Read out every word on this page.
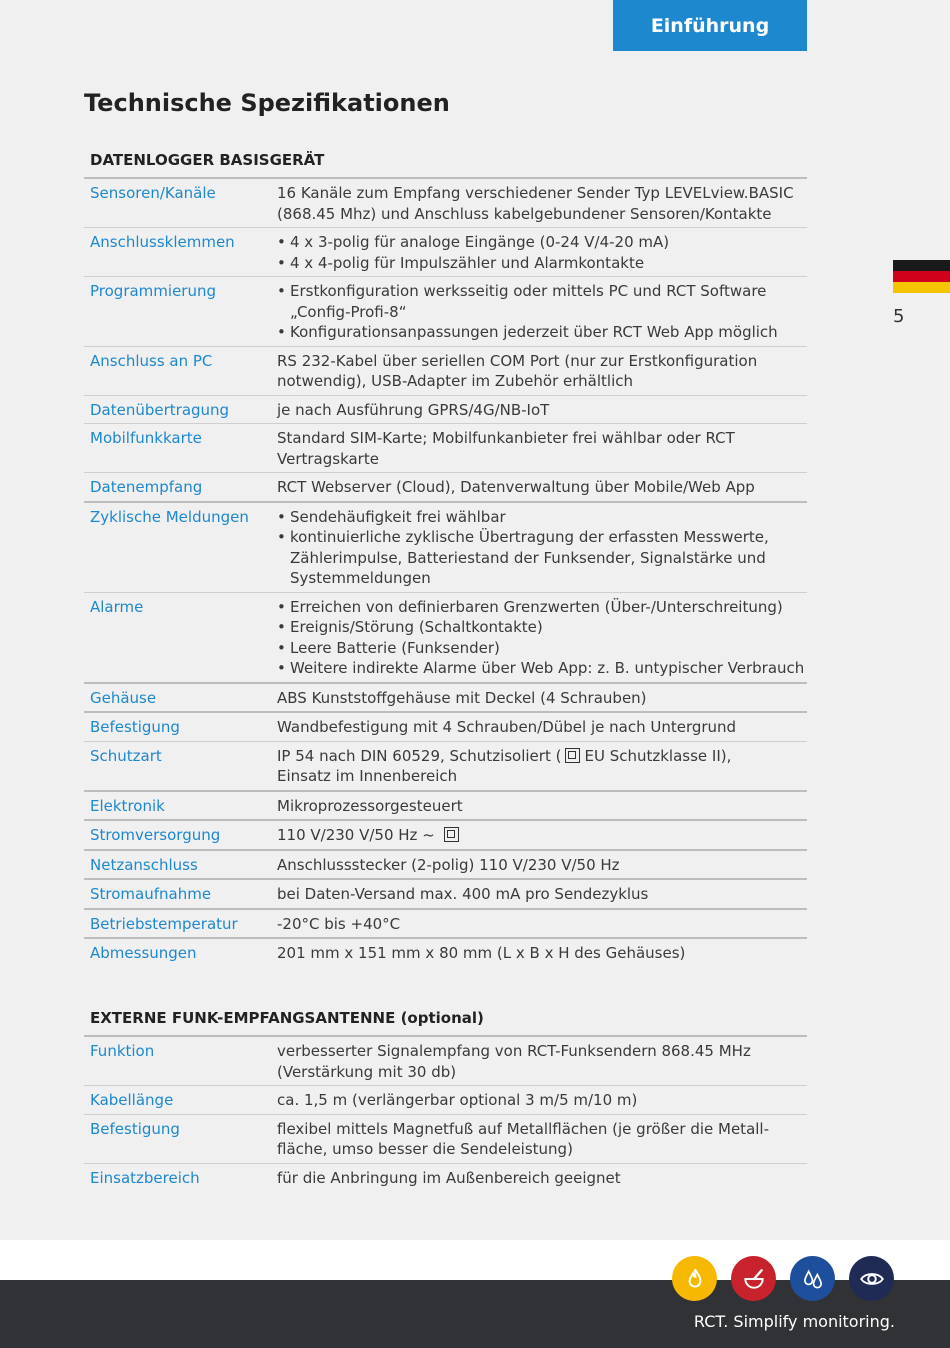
Einführung
Technische Spezifikationen
5
DATENLOGGER BASISGERÄT
Sensoren/Kanäle	16 Kanäle zum Empfang verschiedener Sender Typ LEVELview.BASIC
(868.45 Mhz) und Anschluss kabelgebundener Sensoren/Kontakte
Anschlussklemmen	• 4 x 3-polig für analoge Eingänge (0-24 V/4-20 mA)
• 4 x 4-polig für Impulszähler und Alarmkontakte
Programmierung	• Erstkonfiguration werksseitig oder mittels PC und RCT Software
„Config-Profi-8“
• Konfigurationsanpassungen jederzeit über RCT Web App möglich
Anschluss an PC	RS 232-Kabel über seriellen COM Port (nur zur Erstkonfiguration
notwendig), USB-Adapter im Zubehör erhältlich
Datenübertragung	je nach Ausführung GPRS/4G/NB-IoT
Mobilfunkkarte	Standard SIM-Karte; Mobilfunkanbieter frei wählbar oder RCT
Vertragskarte
Datenempfang	RCT Webserver (Cloud), Datenverwaltung über Mobile/Web App
Zyklische Meldungen	• Sendehäufigkeit frei wählbar
• kontinuierliche zyklische Übertragung der erfassten Messwerte,
Zählerimpulse, Batteriestand der Funksender, Signalstärke und
Systemmeldungen
Alarme	• Erreichen von definierbaren Grenzwerten (Über-/Unterschreitung)
• Ereignis/Störung (Schaltkontakte)
• Leere Batterie (Funksender)
• Weitere indirekte Alarme über Web App: z. B. untypischer Verbrauch
Gehäuse	ABS Kunststoffgehäuse mit Deckel (4 Schrauben)
Befestigung	Wandbefestigung mit 4 Schrauben/Dübel je nach Untergrund
Schutzart	IP 54 nach DIN 60529, Schutzisoliert ( EU Schutzklasse II),
Einsatz im Innenbereich
Elektronik	Mikroprozessorgesteuert
Stromversorgung	110 V/230 V/50 Hz ~
Netzanschluss	Anschlussstecker (2-polig) 110 V/230 V/50 Hz
Stromaufnahme	bei Daten-Versand max. 400 mA pro Sendezyklus
Betriebstemperatur	-20°C bis +40°C
Abmessungen	201 mm x 151 mm x 80 mm (L x B x H des Gehäuses)
EXTERNE FUNK-EMPFANGSANTENNE (optional)
Funktion	verbesserter Signalempfang von RCT-Funksendern 868.45 MHz
(Verstärkung mit 30 db)
Kabellänge	ca. 1,5 m (verlängerbar optional 3 m/5 m/10 m)
Befestigung	flexibel mittels Magnetfuß auf Metallflächen (je größer die Metall-
fläche, umso besser die Sendeleistung)
Einsatzbereich	für die Anbringung im Außenbereich geeignet
RCT. Simplify monitoring.
